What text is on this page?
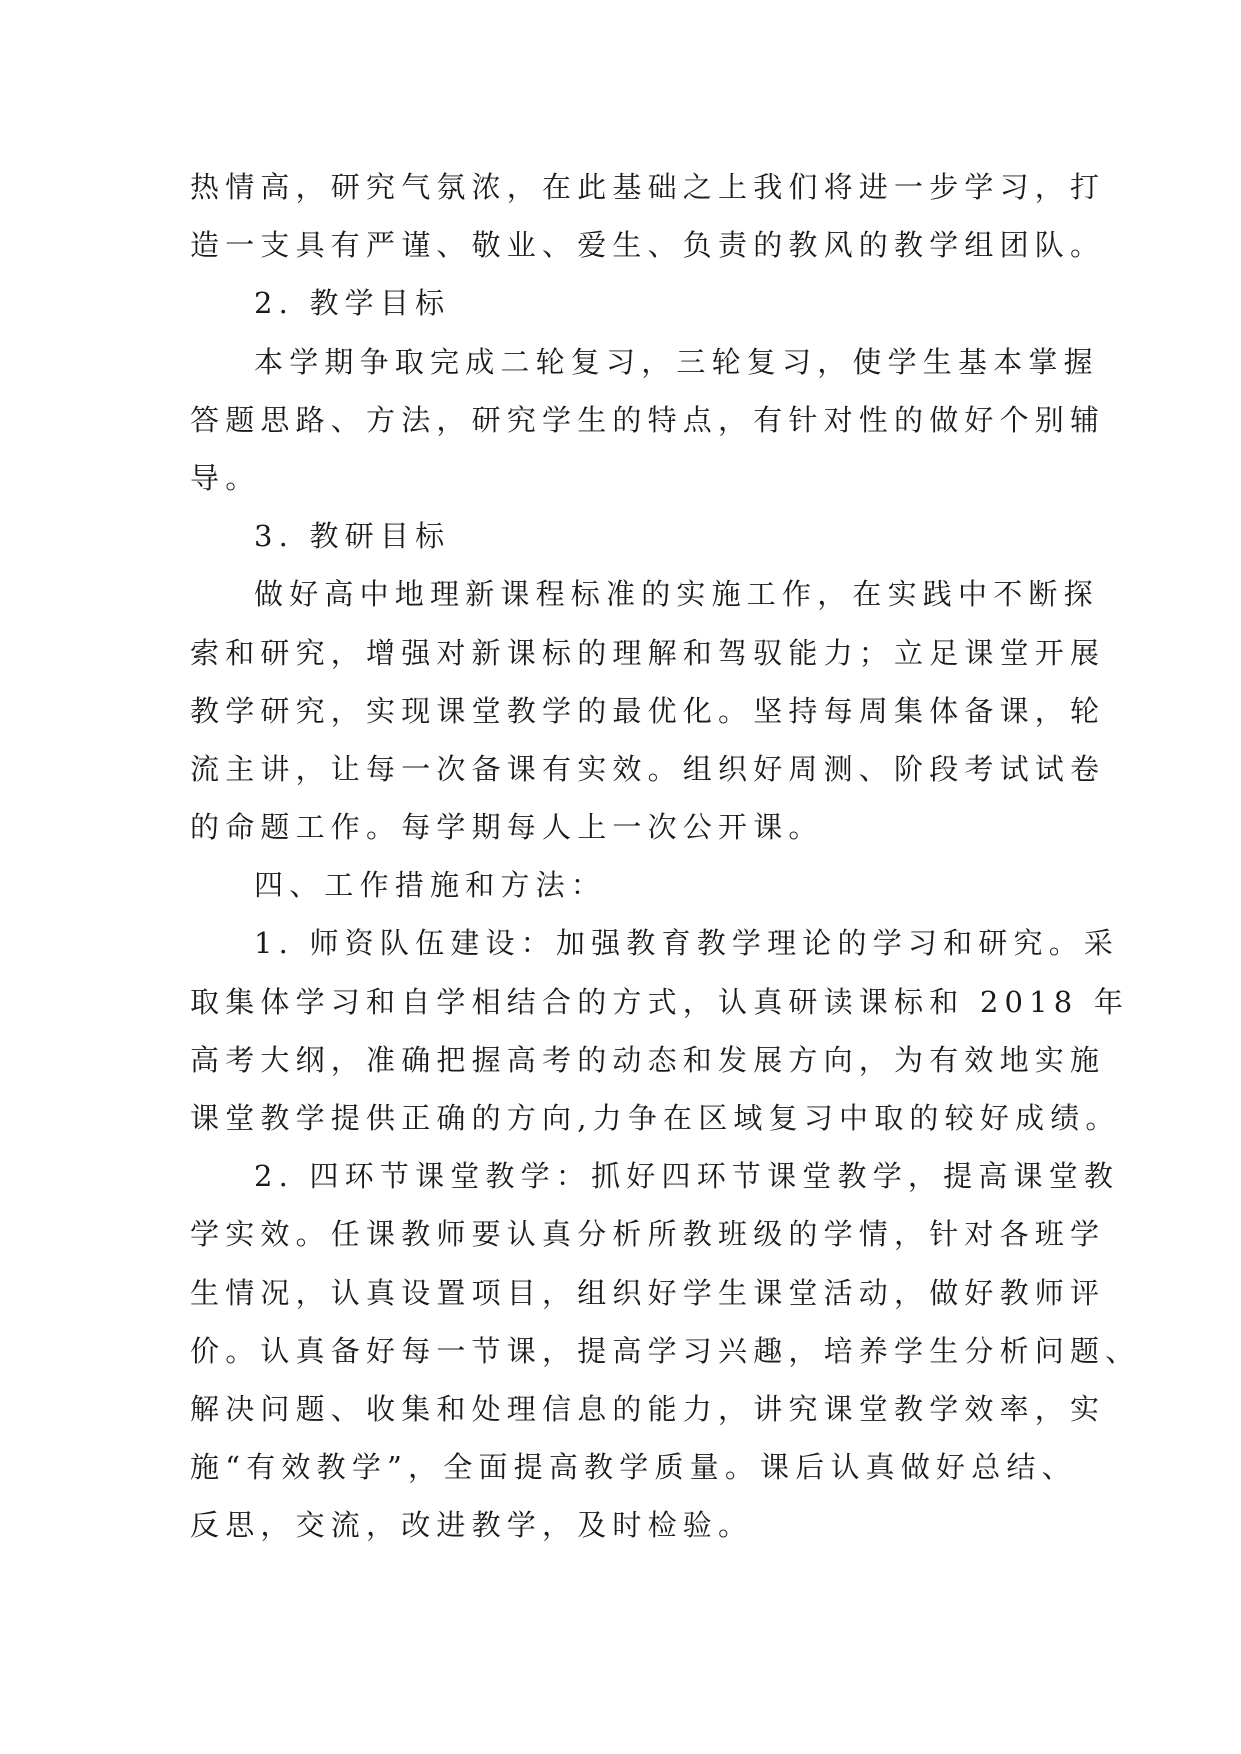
热情高，研究气氛浓，在此基础之上我们将进一步学习，打
造一支具有严谨、敬业、爱生、负责的教风的教学组团队。
2. 教学目标
本学期争取完成二轮复习，三轮复习，使学生基本掌握
答题思路、方法，研究学生的特点，有针对性的做好个别辅
导。
3. 教研目标
做好高中地理新课程标准的实施工作，在实践中不断探
索和研究，增强对新课标的理解和驾驭能力；立足课堂开展
教学研究，实现课堂教学的最优化。坚持每周集体备课，轮
流主讲，让每一次备课有实效。组织好周测、阶段考试试卷
的命题工作。每学期每人上一次公开课。
四、工作措施和方法：
1. 师资队伍建设：加强教育教学理论的学习和研究。采
取集体学习和自学相结合的方式，认真研读课标和 2018 年
高考大纲，准确把握高考的动态和发展方向，为有效地实施
课堂教学提供正确的方向,力争在区域复习中取的较好成绩。
2. 四环节课堂教学：抓好四环节课堂教学，提高课堂教
学实效。任课教师要认真分析所教班级的学情，针对各班学
生情况，认真设置项目，组织好学生课堂活动，做好教师评
价。认真备好每一节课，提高学习兴趣，培养学生分析问题、
解决问题、收集和处理信息的能力，讲究课堂教学效率，实
施“有效教学”，全面提高教学质量。课后认真做好总结、
反思，交流，改进教学，及时检验。
